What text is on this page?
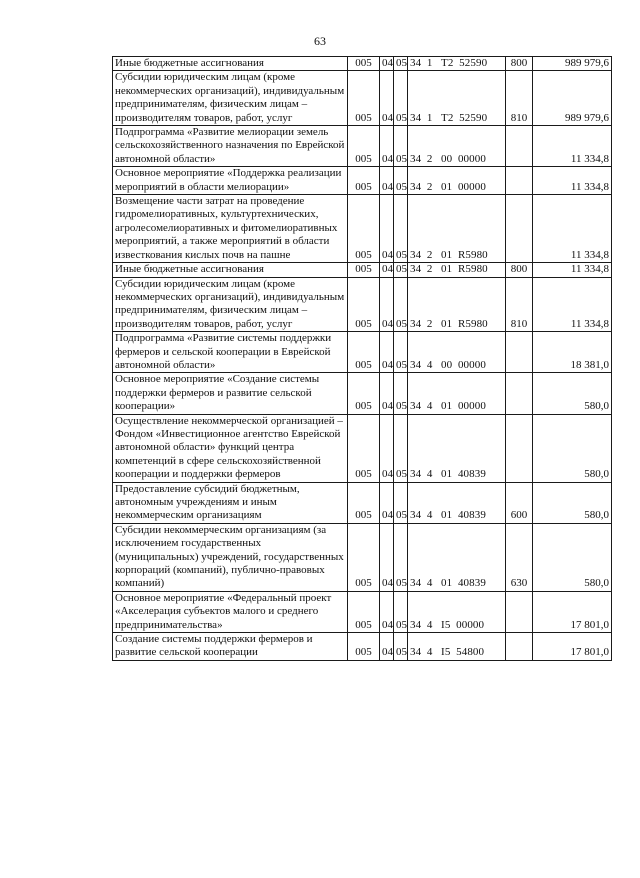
63
Иные бюджетные ассигнования	005	04	05	34  1   Т2  52590	800	989 979,6
Субсидии юридическим лицам (кроме некоммерческих организаций), индивидуальным предпринимателям, физическим лицам – производителям товаров, работ, услуг	005	04	05	34  1   Т2  52590	810	989 979,6
Подпрограмма «Развитие мелиорации земель сельскохозяйственного назначения по Еврейской автономной области»	005	04	05	34  2   00  00000		11 334,8
Основное мероприятие «Поддержка реализации мероприятий в области мелиорации»	005	04	05	34  2   01  00000		11 334,8
Возмещение части затрат на проведение гидромелиоративных, культуртехнических, агролесомелиоративных и фитомелиоративных мероприятий, а также мероприятий в области известкования кислых почв на пашне	005	04	05	34  2   01  R5980		11 334,8
Иные бюджетные ассигнования	005	04	05	34  2   01  R5980	800	11 334,8
Субсидии юридическим лицам (кроме некоммерческих организаций), индивидуальным предпринимателям, физическим лицам – производителям товаров, работ, услуг	005	04	05	34  2   01  R5980	810	11 334,8
Подпрограмма «Развитие системы поддержки фермеров и сельской кооперации в Еврейской автономной области»	005	04	05	34  4   00  00000		18 381,0
Основное мероприятие «Создание системы поддержки фермеров и развитие сельской кооперации»	005	04	05	34  4   01  00000		580,0
Осуществление некоммерческой организацией – Фондом «Инвестиционное агентство Еврейской автономной области» функций центра компетенций в сфере сельскохозяйственной кооперации и поддержки фермеров	005	04	05	34  4   01  40839		580,0
Предоставление субсидий бюджетным, автономным учреждениям и иным некоммерческим организациям	005	04	05	34  4   01  40839	600	580,0
Субсидии некоммерческим организациям (за исключением государственных (муниципальных) учреждений, государственных корпораций (компаний), публично-правовых компаний)	005	04	05	34  4   01  40839	630	580,0
Основное мероприятие «Федеральный проект «Акселерация субъектов малого и среднего предпринимательства»	005	04	05	34  4   I5  00000		17 801,0
Создание системы поддержки фермеров и развитие сельской кооперации	005	04	05	34  4   I5  54800		17 801,0
